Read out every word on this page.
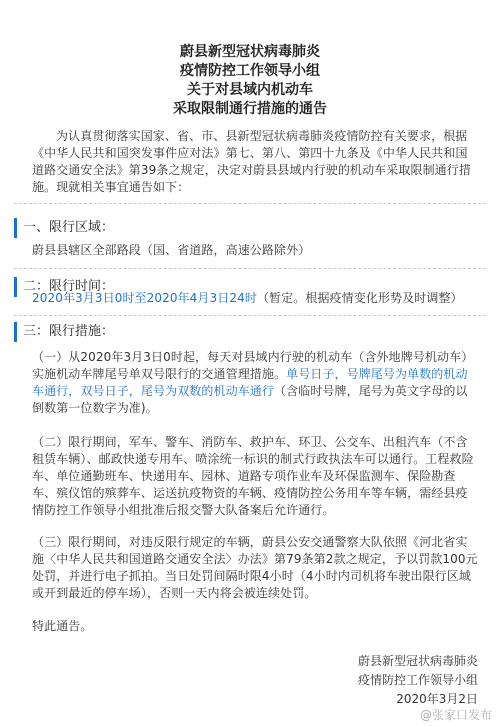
蔚县新型冠状病毒肺炎
疫情防控工作领导小组
关于对县域内机动车
采取限制通行措施的通告
为认真贯彻落实国家、省、市、县新型冠状病毒肺炎疫情防控有关要求，根据《中华人民共和国突发事件应对法》第七、第八、第四十九条及《中华人民共和国道路交通安全法》第39条之规定，决定对蔚县县域内行驶的机动车采取限制通行措施。现就相关事宜通告如下：
一、限行区域：
蔚县县辖区全部路段（国、省道路，高速公路除外）
二：限行时间：
2020年3月3日0时至2020年4月3日24时（暂定。根据疫情变化形势及时调整）
三：限行措施：
（一）从2020年3月3日0时起，每天对县域内行驶的机动车（含外地牌号机动车）实施机动车牌尾号单双号限行的交通管理措施。单号日子，号牌尾号为单数的机动车通行，双号日子，尾号为双数的机动车通行（含临时号牌，尾号为英文字母的以倒数第一位数字为准)。
（二）限行期间，军车、警车、消防车、救护车、环卫、公交车、出租汽车（不含租赁车辆）、邮政快递专用车、喷涂统一标识的制式行政执法车可以通行。工程救险车、单位通勤班车、快递用车、园林、道路专项作业车及环保监测车、保险勘查车、殡仪馆的殡葬车、运送抗疫物资的车辆、疫情防控公务用车等车辆，需经县疫情防控工作领导小组批准后报交警大队备案后允许通行。
（三）限行期间，对违反限行规定的车辆，蔚县公安交通警察大队依照《河北省实施〈中华人民共和国道路交通安全法〉办法》第79条第2款之规定，予以罚款100元处罚，并进行电子抓拍。当日处罚间隔时限4小时（4小时内司机将车驶出限行区域或开到最近的停车场），否则一天内将会被连续处罚。
特此通告。
蔚县新型冠状病毒肺炎
疫情防控工作领导小组
2020年3月2日
@张家口发布
